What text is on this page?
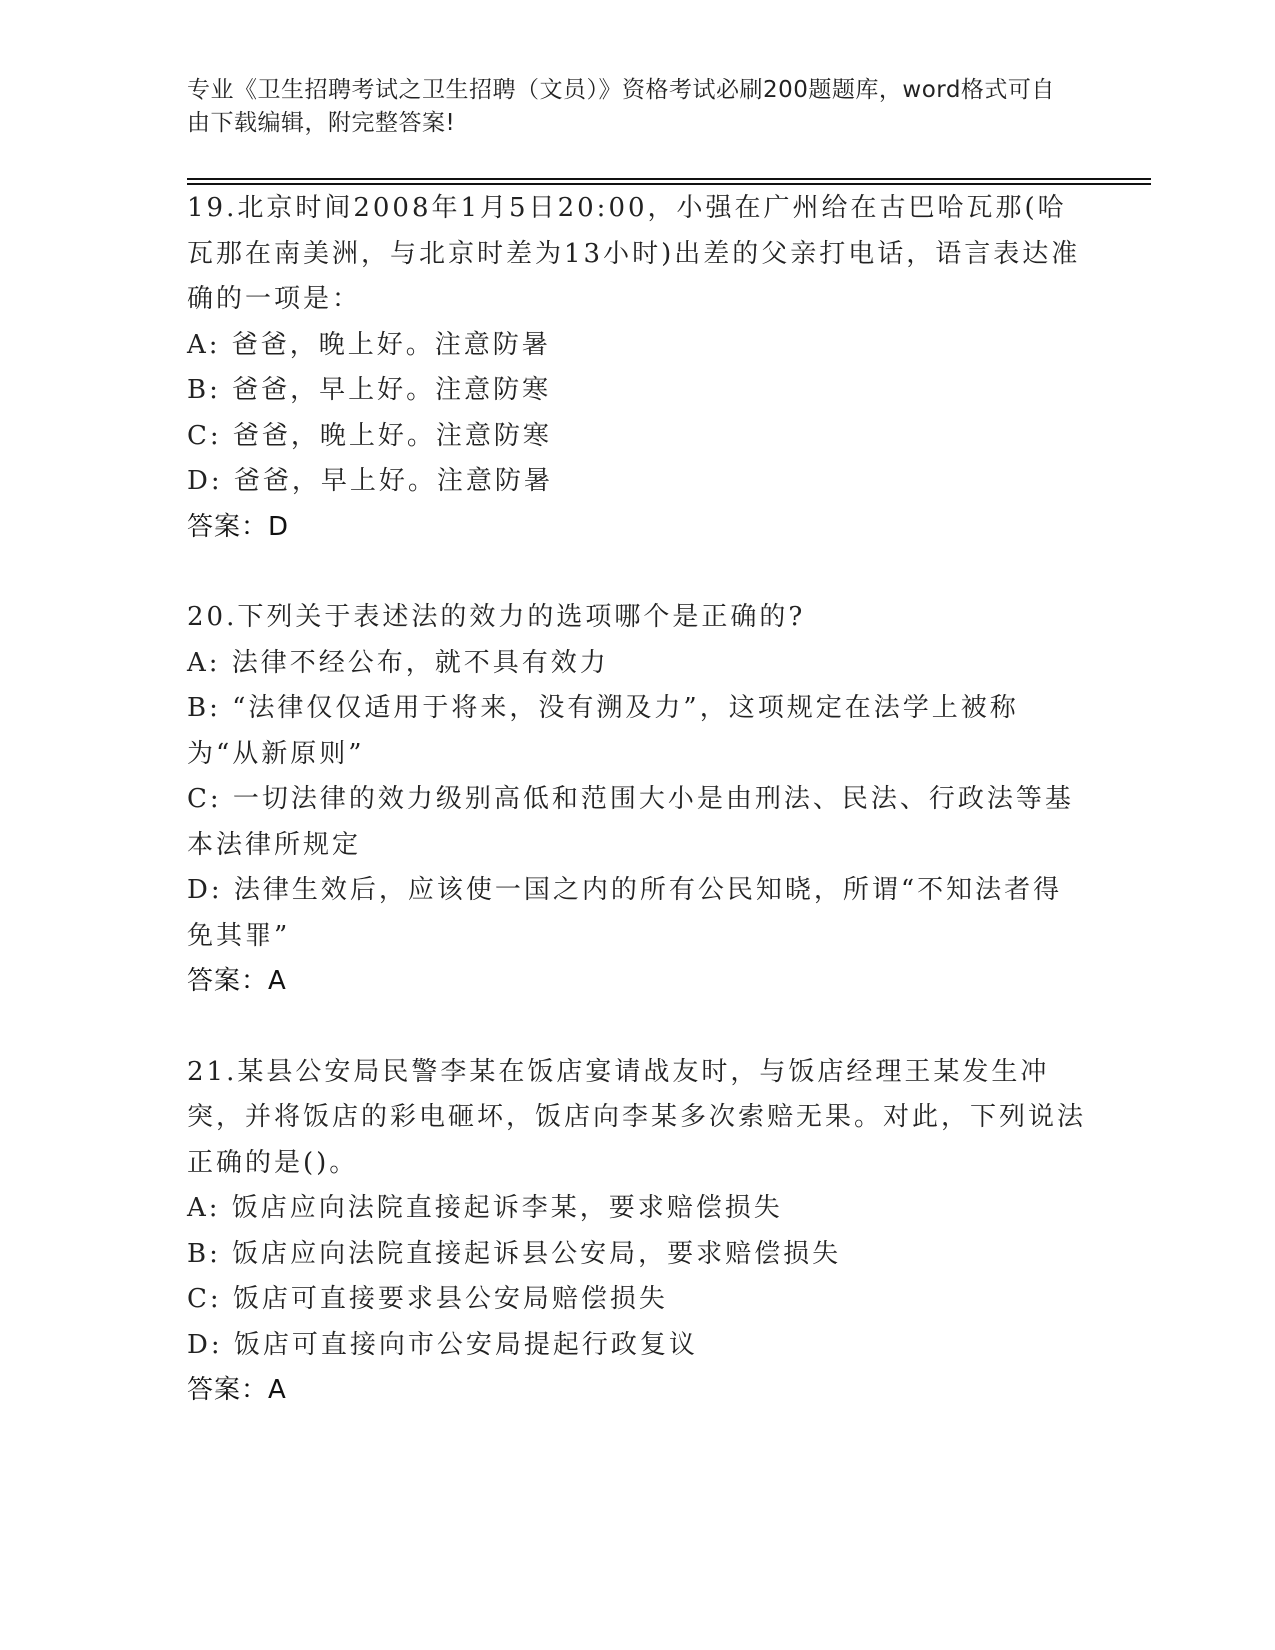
专业《卫生招聘考试之卫生招聘（文员）》资格考试必刷200题题库，word格式可自由下载编辑，附完整答案!

19.北京时间2008年1月5日20:00，小强在广州给在古巴哈瓦那(哈瓦那在南美洲，与北京时差为13小时)出差的父亲打电话，语言表达准确的一项是：

A: 爸爸，晚上好。注意防暑

B: 爸爸，早上好。注意防寒

C: 爸爸，晚上好。注意防寒

D: 爸爸，早上好。注意防暑

答案：D

20.下列关于表述法的效力的选项哪个是正确的?

A: 法律不经公布，就不具有效力

B: “法律仅仅适用于将来，没有溯及力”，这项规定在法学上被称为“从新原则”

C: 一切法律的效力级别高低和范围大小是由刑法、民法、行政法等基本法律所规定

D: 法律生效后，应该使一国之内的所有公民知晓，所谓“不知法者得免其罪”

答案：A

21.某县公安局民警李某在饭店宴请战友时，与饭店经理王某发生冲突，并将饭店的彩电砸坏，饭店向李某多次索赔无果。对此，下列说法正确的是()。

A: 饭店应向法院直接起诉李某，要求赔偿损失

B: 饭店应向法院直接起诉县公安局，要求赔偿损失

C: 饭店可直接要求县公安局赔偿损失

D: 饭店可直接向市公安局提起行政复议

答案：A
